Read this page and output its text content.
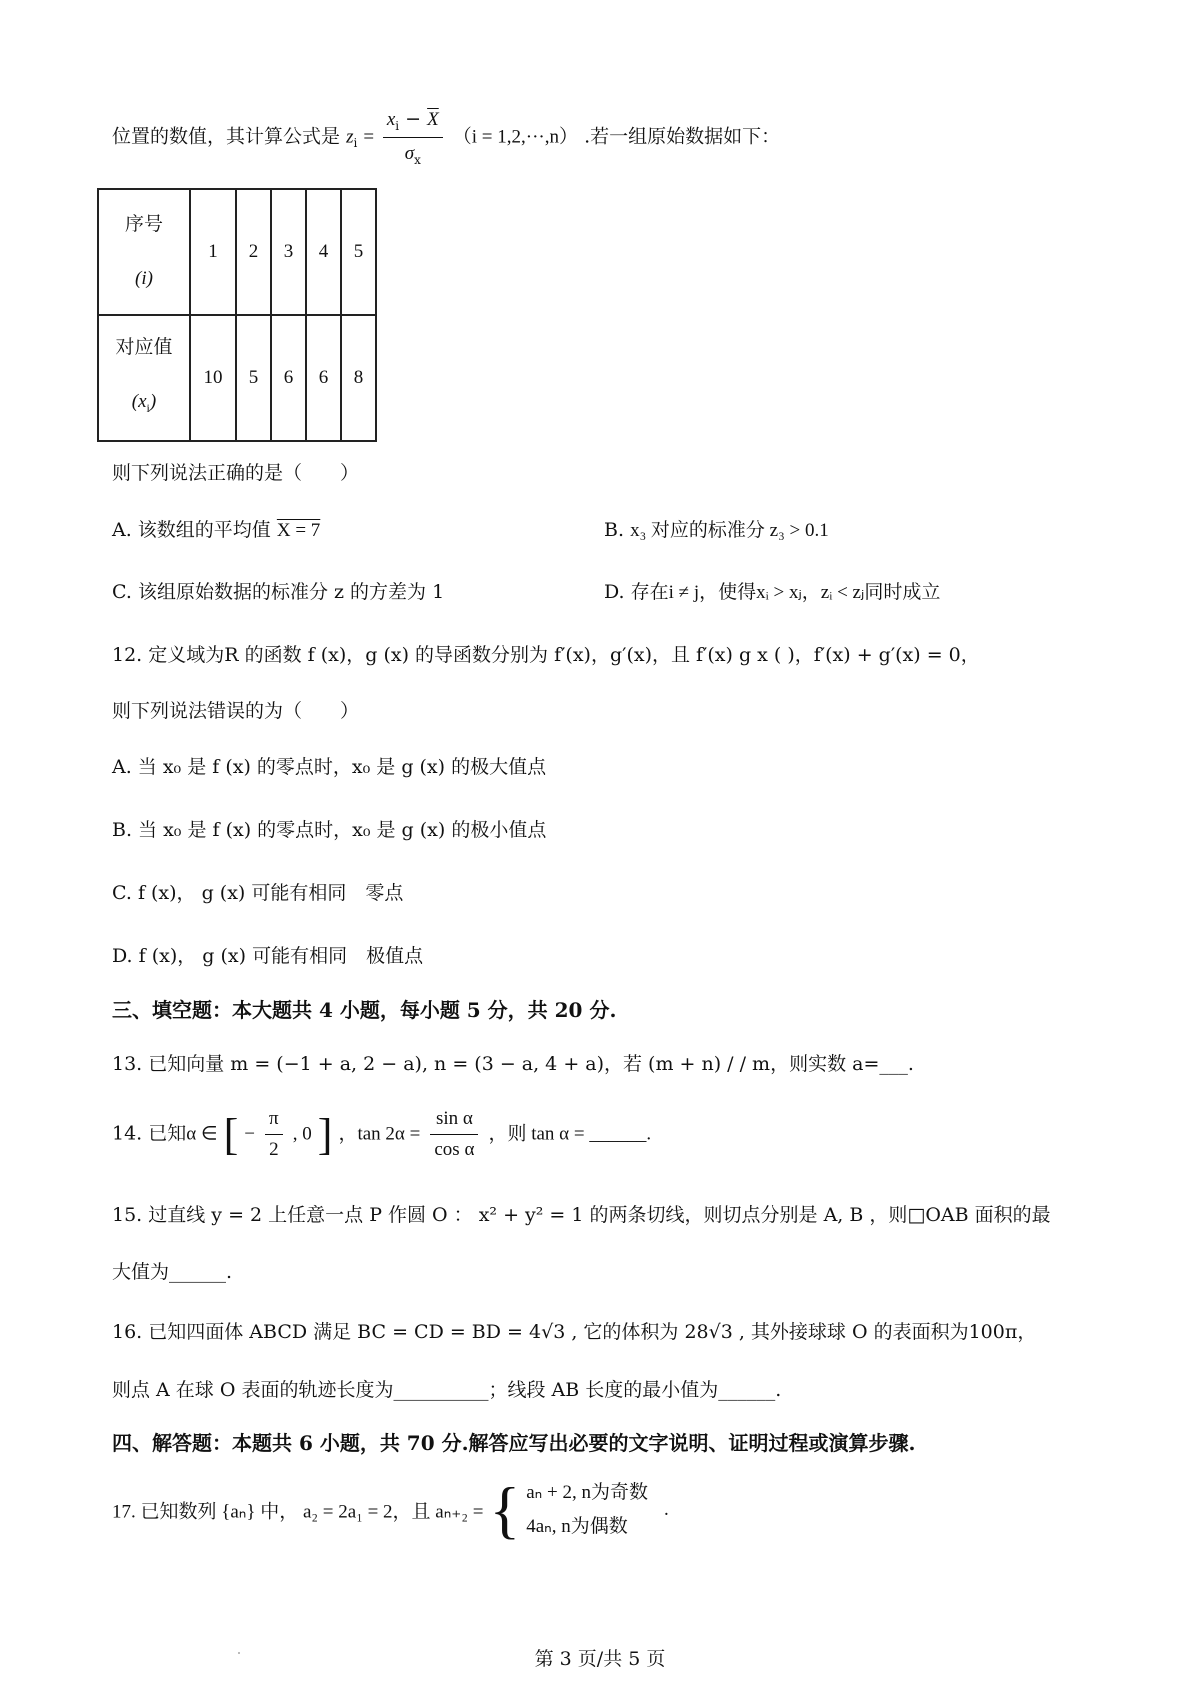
位置的数值，其计算公式是 $z_i = \frac{x_i - \overline{X}}{\sigma_x} (i = 1,2,\cdot\cdot\cdot,n)$ .若一组原始数据如下：
序号
(i)	1	2	3	4	5

对应值
$(x_i)$	10	5	6	6	8
则下列说法正确的是（　　）
A. 该数组的平均值 X = 7	B. x₃ 对应的标准分 z₃ > 0.1
C. 该组原始数据的标准分 z 的方差为 1	D. 存在i ≠ j，使得xᵢ > xⱼ，zᵢ < zⱼ同时成立
12. 定义域为R 的函数 f (x)，g (x) 的导函数分别为 f′(x)，g′(x)，且 f′(x) g x ( )，f′(x) + g′(x) = 0，
则下列说法错误的为（　　）
A. 当 x₀ 是 f (x) 的零点时，x₀ 是 g (x) 的极大值点
B. 当 x₀ 是 f (x) 的零点时，x₀ 是 g (x) 的极小值点
C. f (x)， g (x) 可能有相同　零点
D. f (x)， g (x) 可能有相同　极值点
三、填空题：本大题共 4 小题，每小题 5 分，共 20 分.
13. 已知向量 m = (−1 + a, 2 − a), n = (3 − a, 4 + a)，若 (m + n) / / m，则实数 a=___.
14. 已知α ∈ [ − $\frac{\pi}{2}$ , 0 ] ，$\tan 2\alpha = \frac{\text{sin α}}{\text{cos α}}$ ，则 tan α = ______.
15. 过直线 y = 2 上任意一点 P 作圆 O ： x² + y² = 1 的两条切线，则切点分别是 A, B ，则□OAB 面积的最
大值为______.
16. 已知四面体 ABCD 满足 BC = CD = BD = 4√3 , 它的体积为 28√3 , 其外接球球 O 的表面积为100π，
则点 A 在球 O 表面的轨迹长度为__________；线段 AB 长度的最小值为______.
四、解答题：本题共 6 小题，共 70 分.解答应写出必要的文字说明、证明过程或演算步骤.
17. 已知数列 {aₙ} 中， a₂ = 2a₁ = 2，且 aₙ₊₂ = { aₙ + 2, n为奇数
4aₙ, n为偶数
.
第 3 页/共 5 页
